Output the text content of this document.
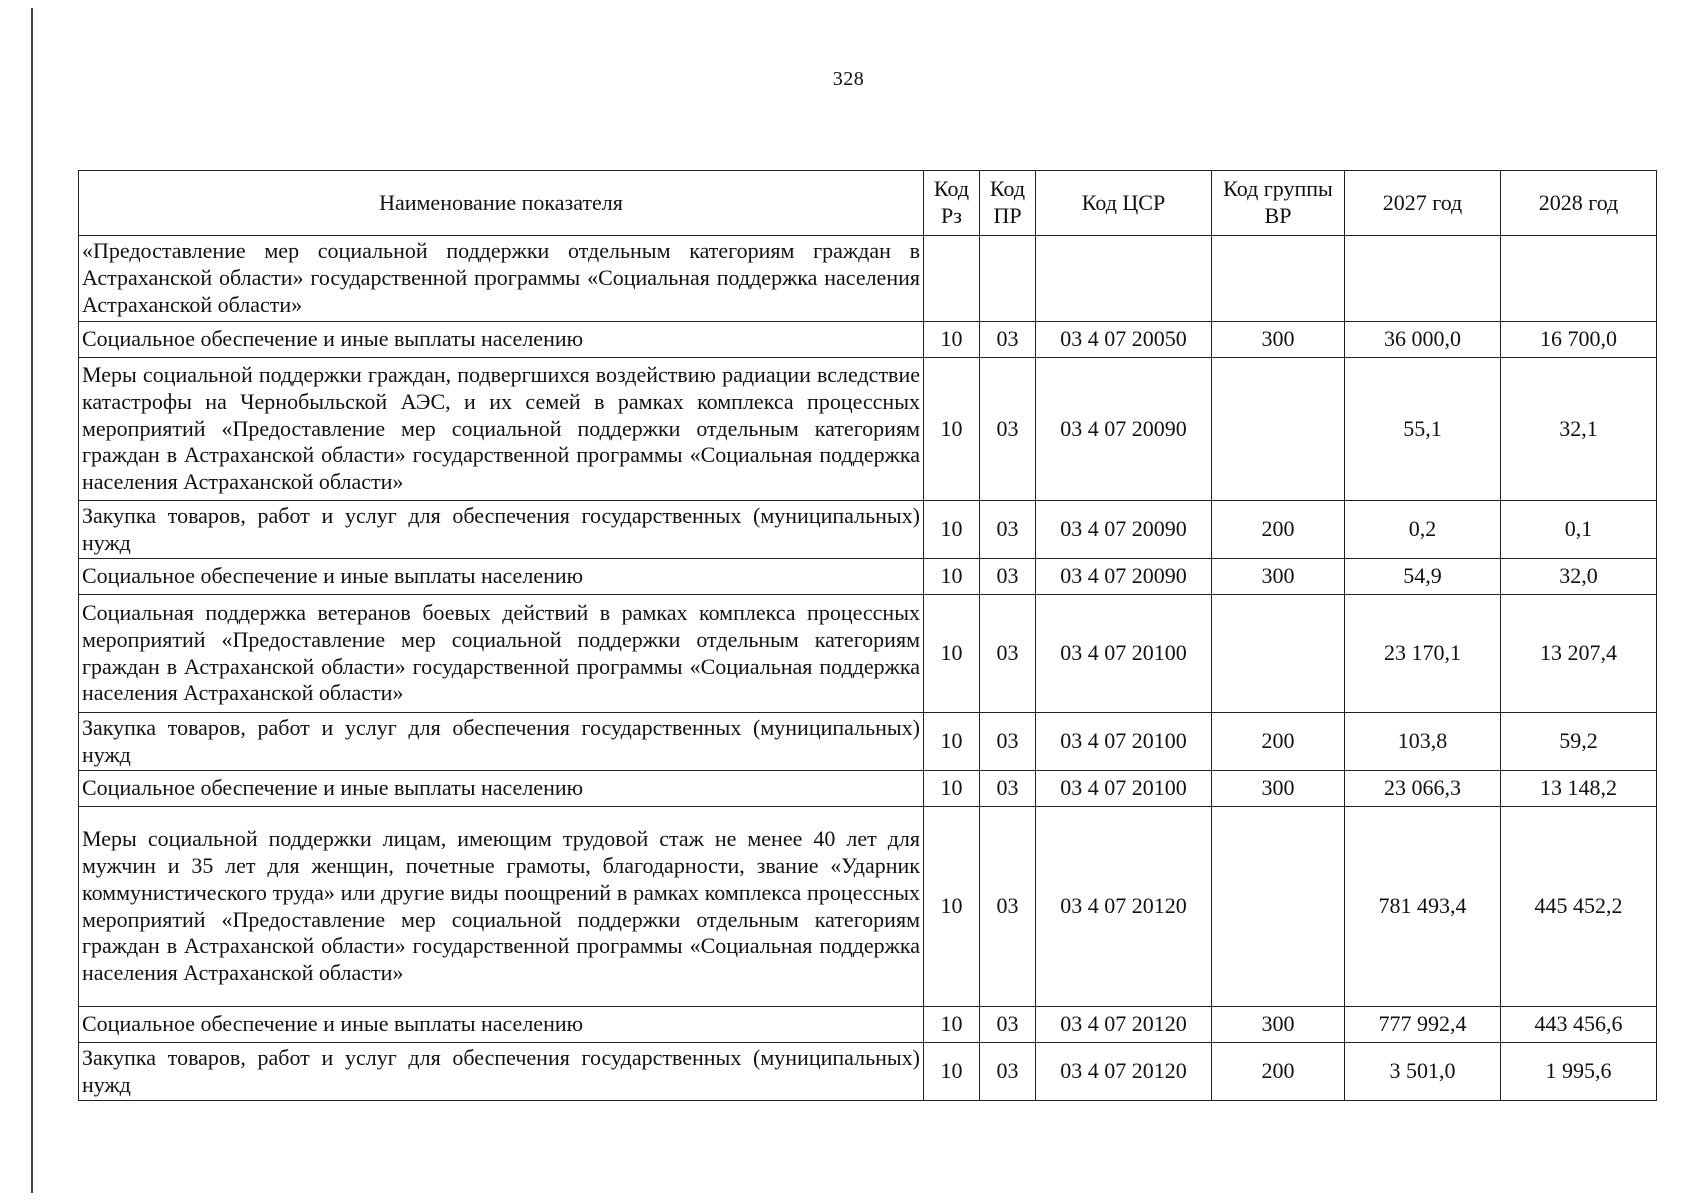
328
Наименование показателя	Код Рз	Код ПР	Код ЦСР	Код группы ВР	2027 год	2028 год
«Предоставление мер социальной поддержки отдельным категориям граждан в Астраханской области» государственной программы «Социальная поддержка населения Астраханской области»						
Социальное обеспечение и иные выплаты населению	10	03	03 4 07 20050	300	36 000,0	16 700,0
Меры социальной поддержки граждан, подвергшихся воздействию радиации вследствие катастрофы на Чернобыльской АЭС, и их семей в рамках комплекса процессных мероприятий «Предоставление мер социальной поддержки отдельным категориям граждан в Астраханской области» государственной программы «Социальная поддержка населения Астраханской области»	10	03	03 4 07 20090		55,1	32,1
Закупка товаров, работ и услуг для обеспечения государственных (муниципальных) нужд	10	03	03 4 07 20090	200	0,2	0,1
Социальное обеспечение и иные выплаты населению	10	03	03 4 07 20090	300	54,9	32,0
Социальная поддержка ветеранов боевых действий в рамках комплекса процессных мероприятий «Предоставление мер социальной поддержки отдельным категориям граждан в Астраханской области» государственной программы «Социальная поддержка населения Астраханской области»	10	03	03 4 07 20100		23 170,1	13 207,4
Закупка товаров, работ и услуг для обеспечения государственных (муниципальных) нужд	10	03	03 4 07 20100	200	103,8	59,2
Социальное обеспечение и иные выплаты населению	10	03	03 4 07 20100	300	23 066,3	13 148,2
Меры социальной поддержки лицам, имеющим трудовой стаж не менее 40 лет для мужчин и 35 лет для женщин, почетные грамоты, благодарности, звание «Ударник коммунистического труда» или другие виды поощрений в рамках комплекса процессных мероприятий «Предоставление мер социальной поддержки отдельным категориям граждан в Астраханской области» государственной программы «Социальная поддержка населения Астраханской области»	10	03	03 4 07 20120		781 493,4	445 452,2
Социальное обеспечение и иные выплаты населению	10	03	03 4 07 20120	300	777 992,4	443 456,6
Закупка товаров, работ и услуг для обеспечения государственных (муниципальных) нужд	10	03	03 4 07 20120	200	3 501,0	1 995,6
